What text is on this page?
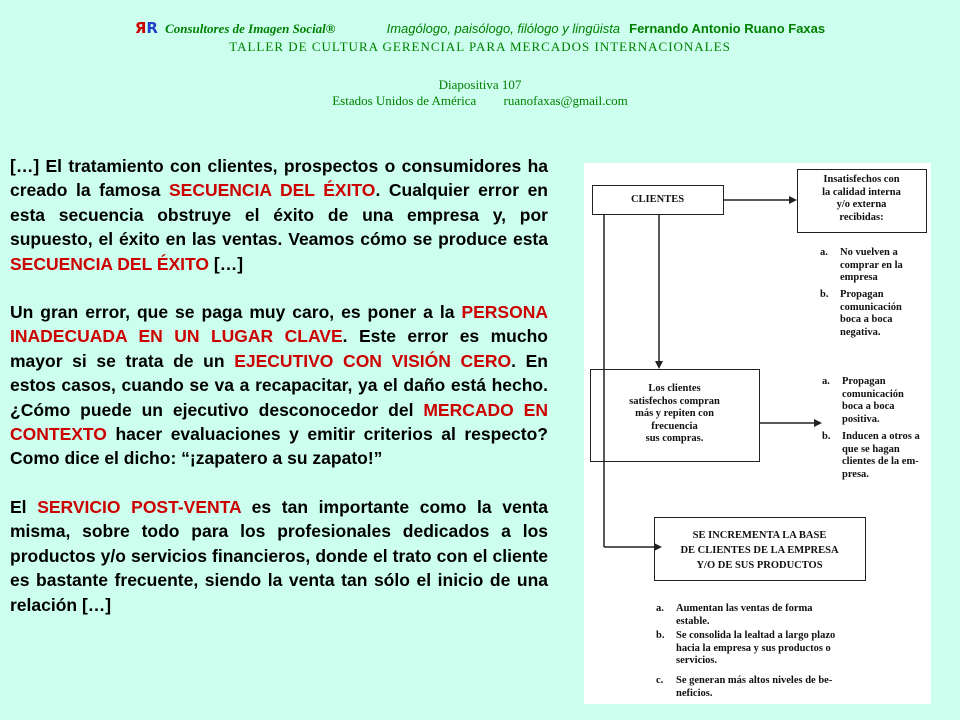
ЯR Consultores de Imagen Social®	Imagólogo, paisólogo, filólogo y lingüista Fernando Antonio Ruano Faxas
TALLER DE CULTURA GERENCIAL PARA MERCADOS INTERNACIONALES
Diapositiva 107
Estados Unidos de América ruanofaxas@gmail.com

[…] El tratamiento con clientes, prospectos o consumidores ha creado la famosa SECUENCIA DEL ÉXITO. Cualquier error en esta secuencia obstruye el éxito de una empresa y, por supuesto, el éxito en las ventas. Veamos cómo se produce esta SECUENCIA DEL ÉXITO […]

Un gran error, que se paga muy caro, es poner a la PERSONA INADECUADA EN UN LUGAR CLAVE. Este error es mucho mayor si se trata de un EJECUTIVO CON VISIÓN CERO. En estos casos, cuando se va a recapacitar, ya el daño está hecho. ¿Cómo puede un ejecutivo desconocedor del MERCADO EN CONTEXTO hacer evaluaciones y emitir criterios al respecto? Como dice el dicho: “¡zapatero a su zapato!”

El SERVICIO POST-VENTA es tan importante como la venta misma, sobre todo para los profesionales dedicados a los productos y/o servicios financieros, donde el trato con el cliente es bastante frecuente, siendo la venta tan sólo el inicio de una relación […]

CLIENTES
Insatisfechos con
la calidad interna
y/o externa
recibidas:
a. No vuelven a
comprar en la
empresa
b. Propagan
comunicación
boca a boca
negativa.
Los clientes
satisfechos compran
más y repiten con
frecuencia
sus compras.
a. Propagan
comunicación
boca a boca
positiva.
b. Inducen a otros a
que se hagan
clientes de la em-
presa.
SE INCREMENTA LA BASE
DE CLIENTES DE LA EMPRESA
Y/O DE SUS PRODUCTOS
a. Aumentan las ventas de forma
estable.
b. Se consolida la lealtad a largo plazo
hacia la empresa y sus productos o
servicios.
c. Se generan más altos niveles de be-
neficios.
